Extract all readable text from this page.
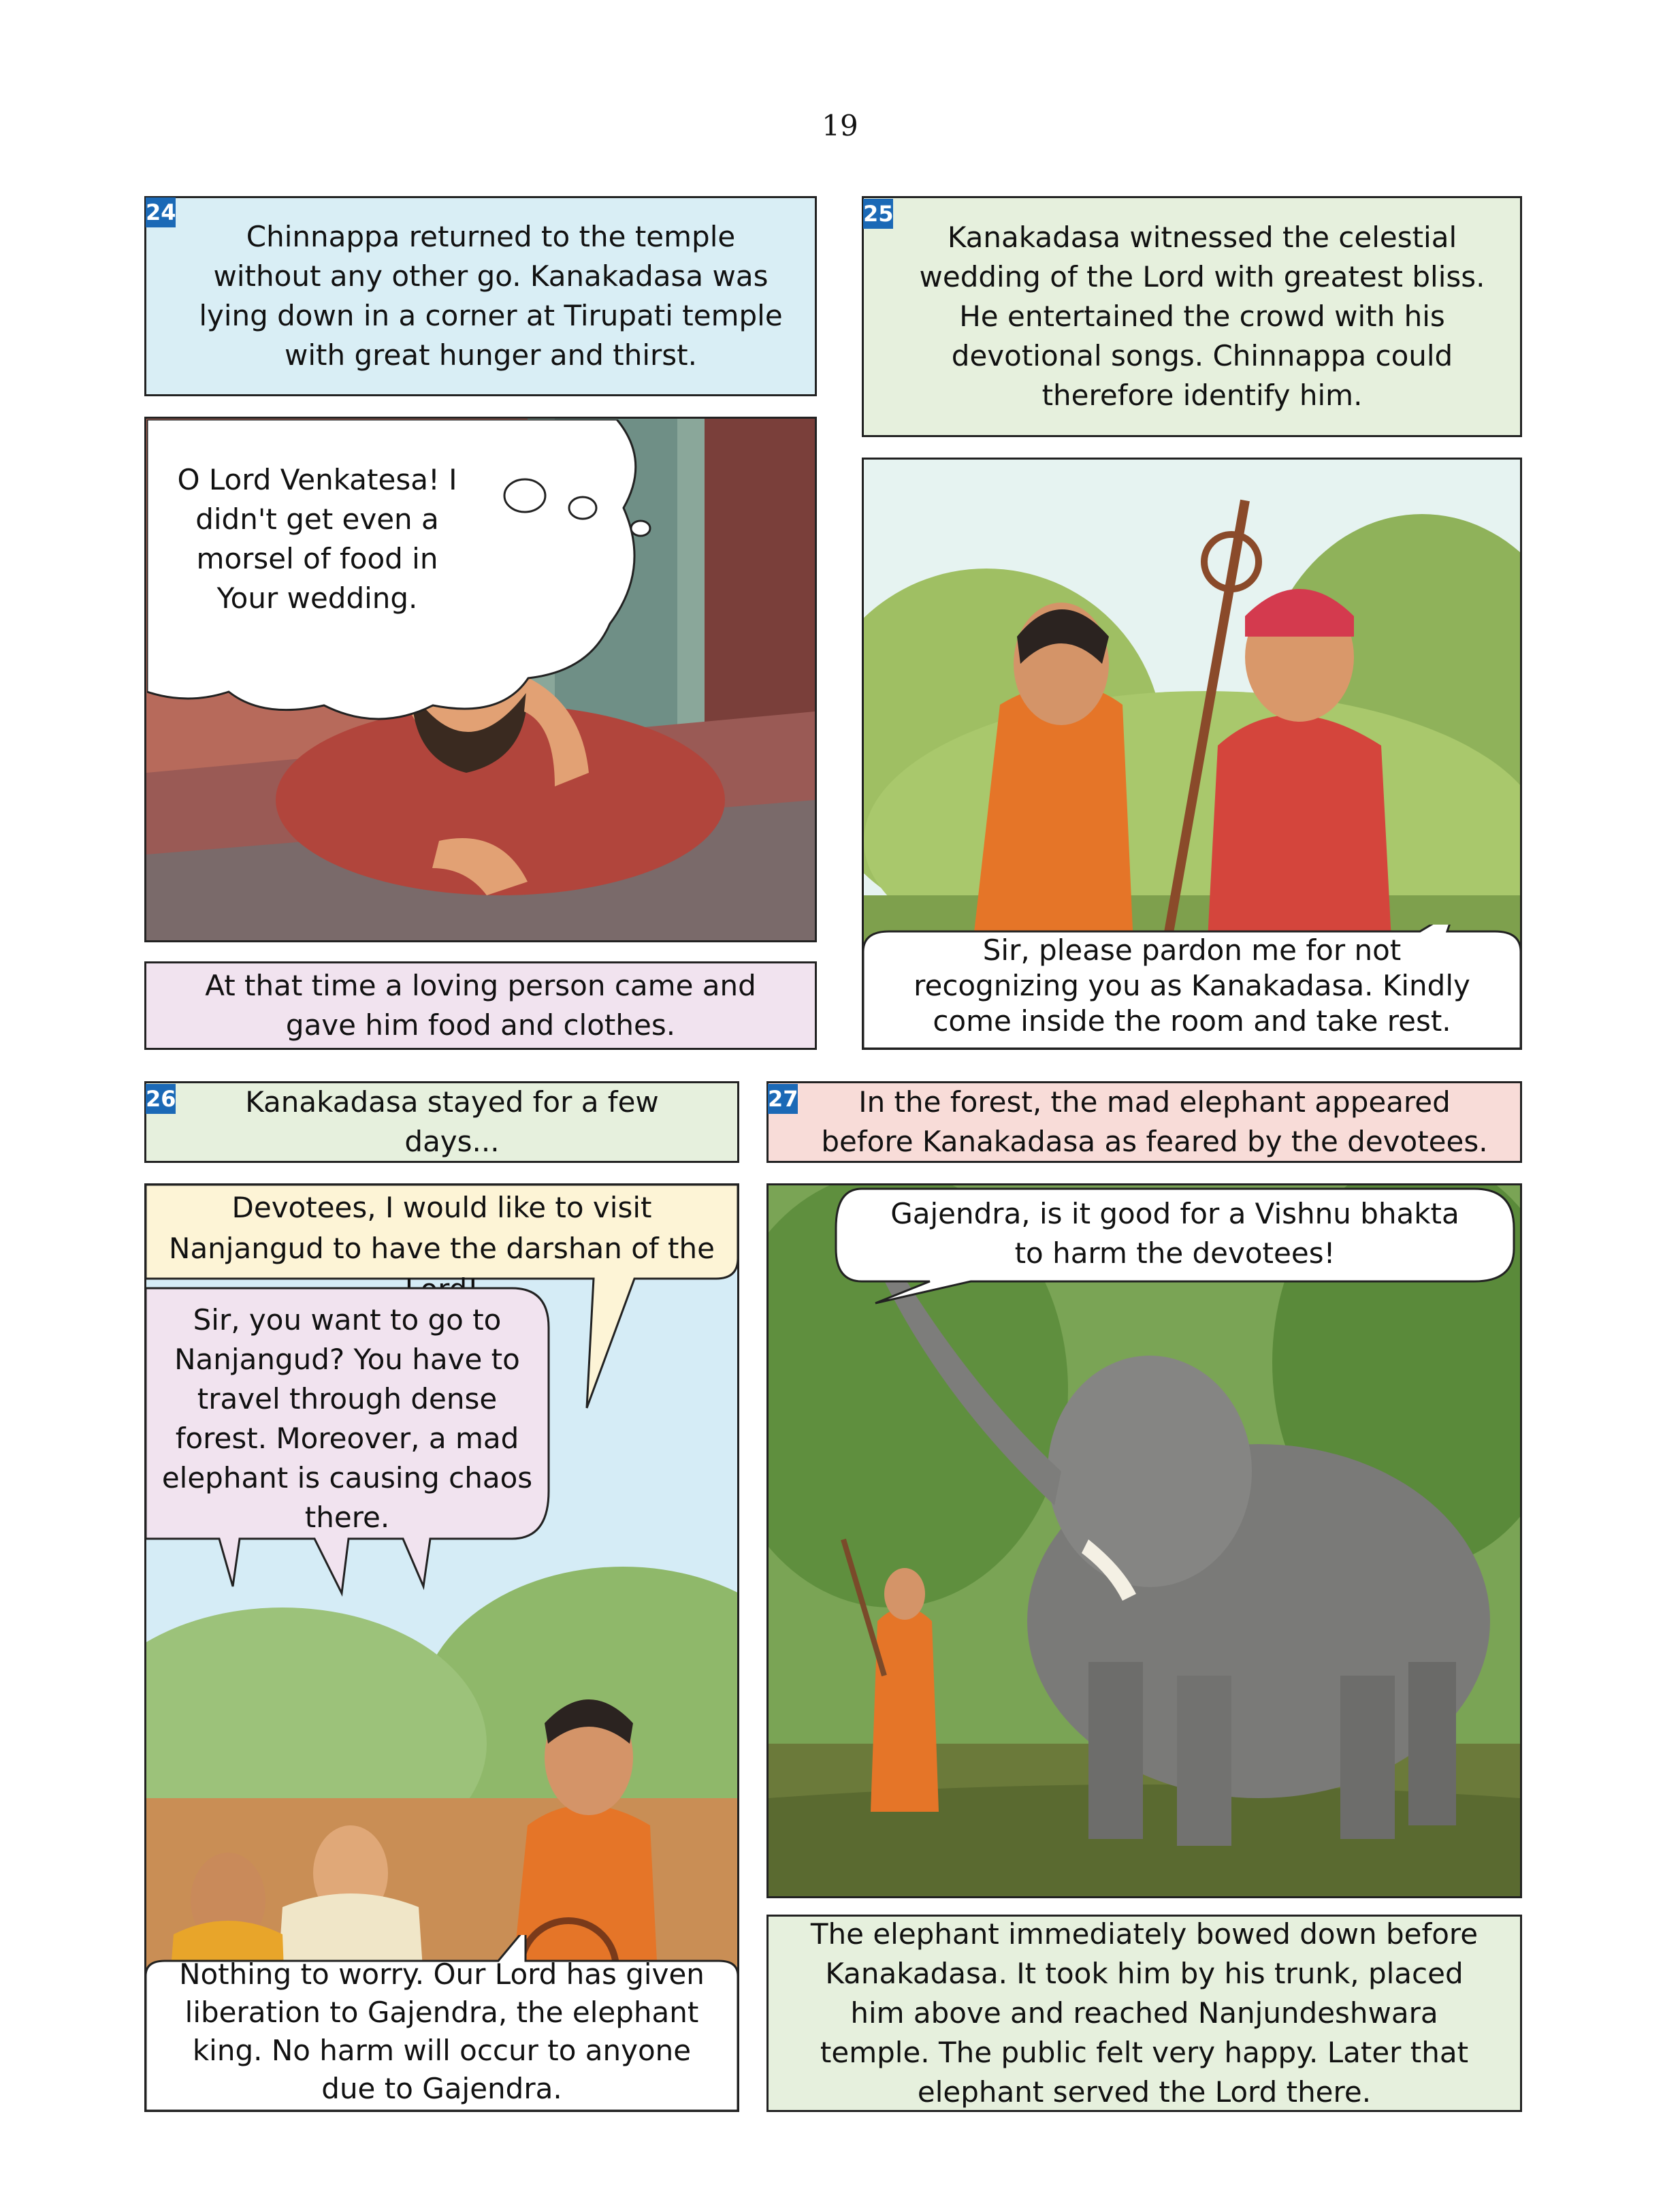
19
Chinnappa returned to the temple without any other go. Kanakadasa was lying down in a corner at Tirupati temple with great hunger and thirst.
24
O Lord Venkatesa! I didn't get even a morsel of food in Your wedding.
At that time a loving person came and gave him food and clothes.
Kanakadasa witnessed the celestial wedding of the Lord with greatest bliss. He entertained the crowd with his devotional songs. Chinnappa could therefore identify him.
25
Sir, please pardon me for not recognizing you as Kanakadasa. Kindly come inside the room and take rest.
Kanakadasa stayed for a few days...
26
Devotees, I would like to visit Nanjangud to have the darshan of the
Sir, you want to go to Nanjangud? You have to travel through dense forest. Moreover, a mad elephant is causing chaos there.
Nothing to worry. Our Lord has given liberation to Gajendra, the elephant king. No harm will occur to anyone due to Gajendra.
In the forest, the mad elephant appeared before Kanakadasa as feared by the devotees.
27
Gajendra, is it good for a Vishnu bhakta to harm the devotees!
The elephant immediately bowed down before Kanakadasa. It took him by his trunk, placed him above and reached Nanjundeshwara temple. The public felt very happy. Later that elephant served the Lord there.
